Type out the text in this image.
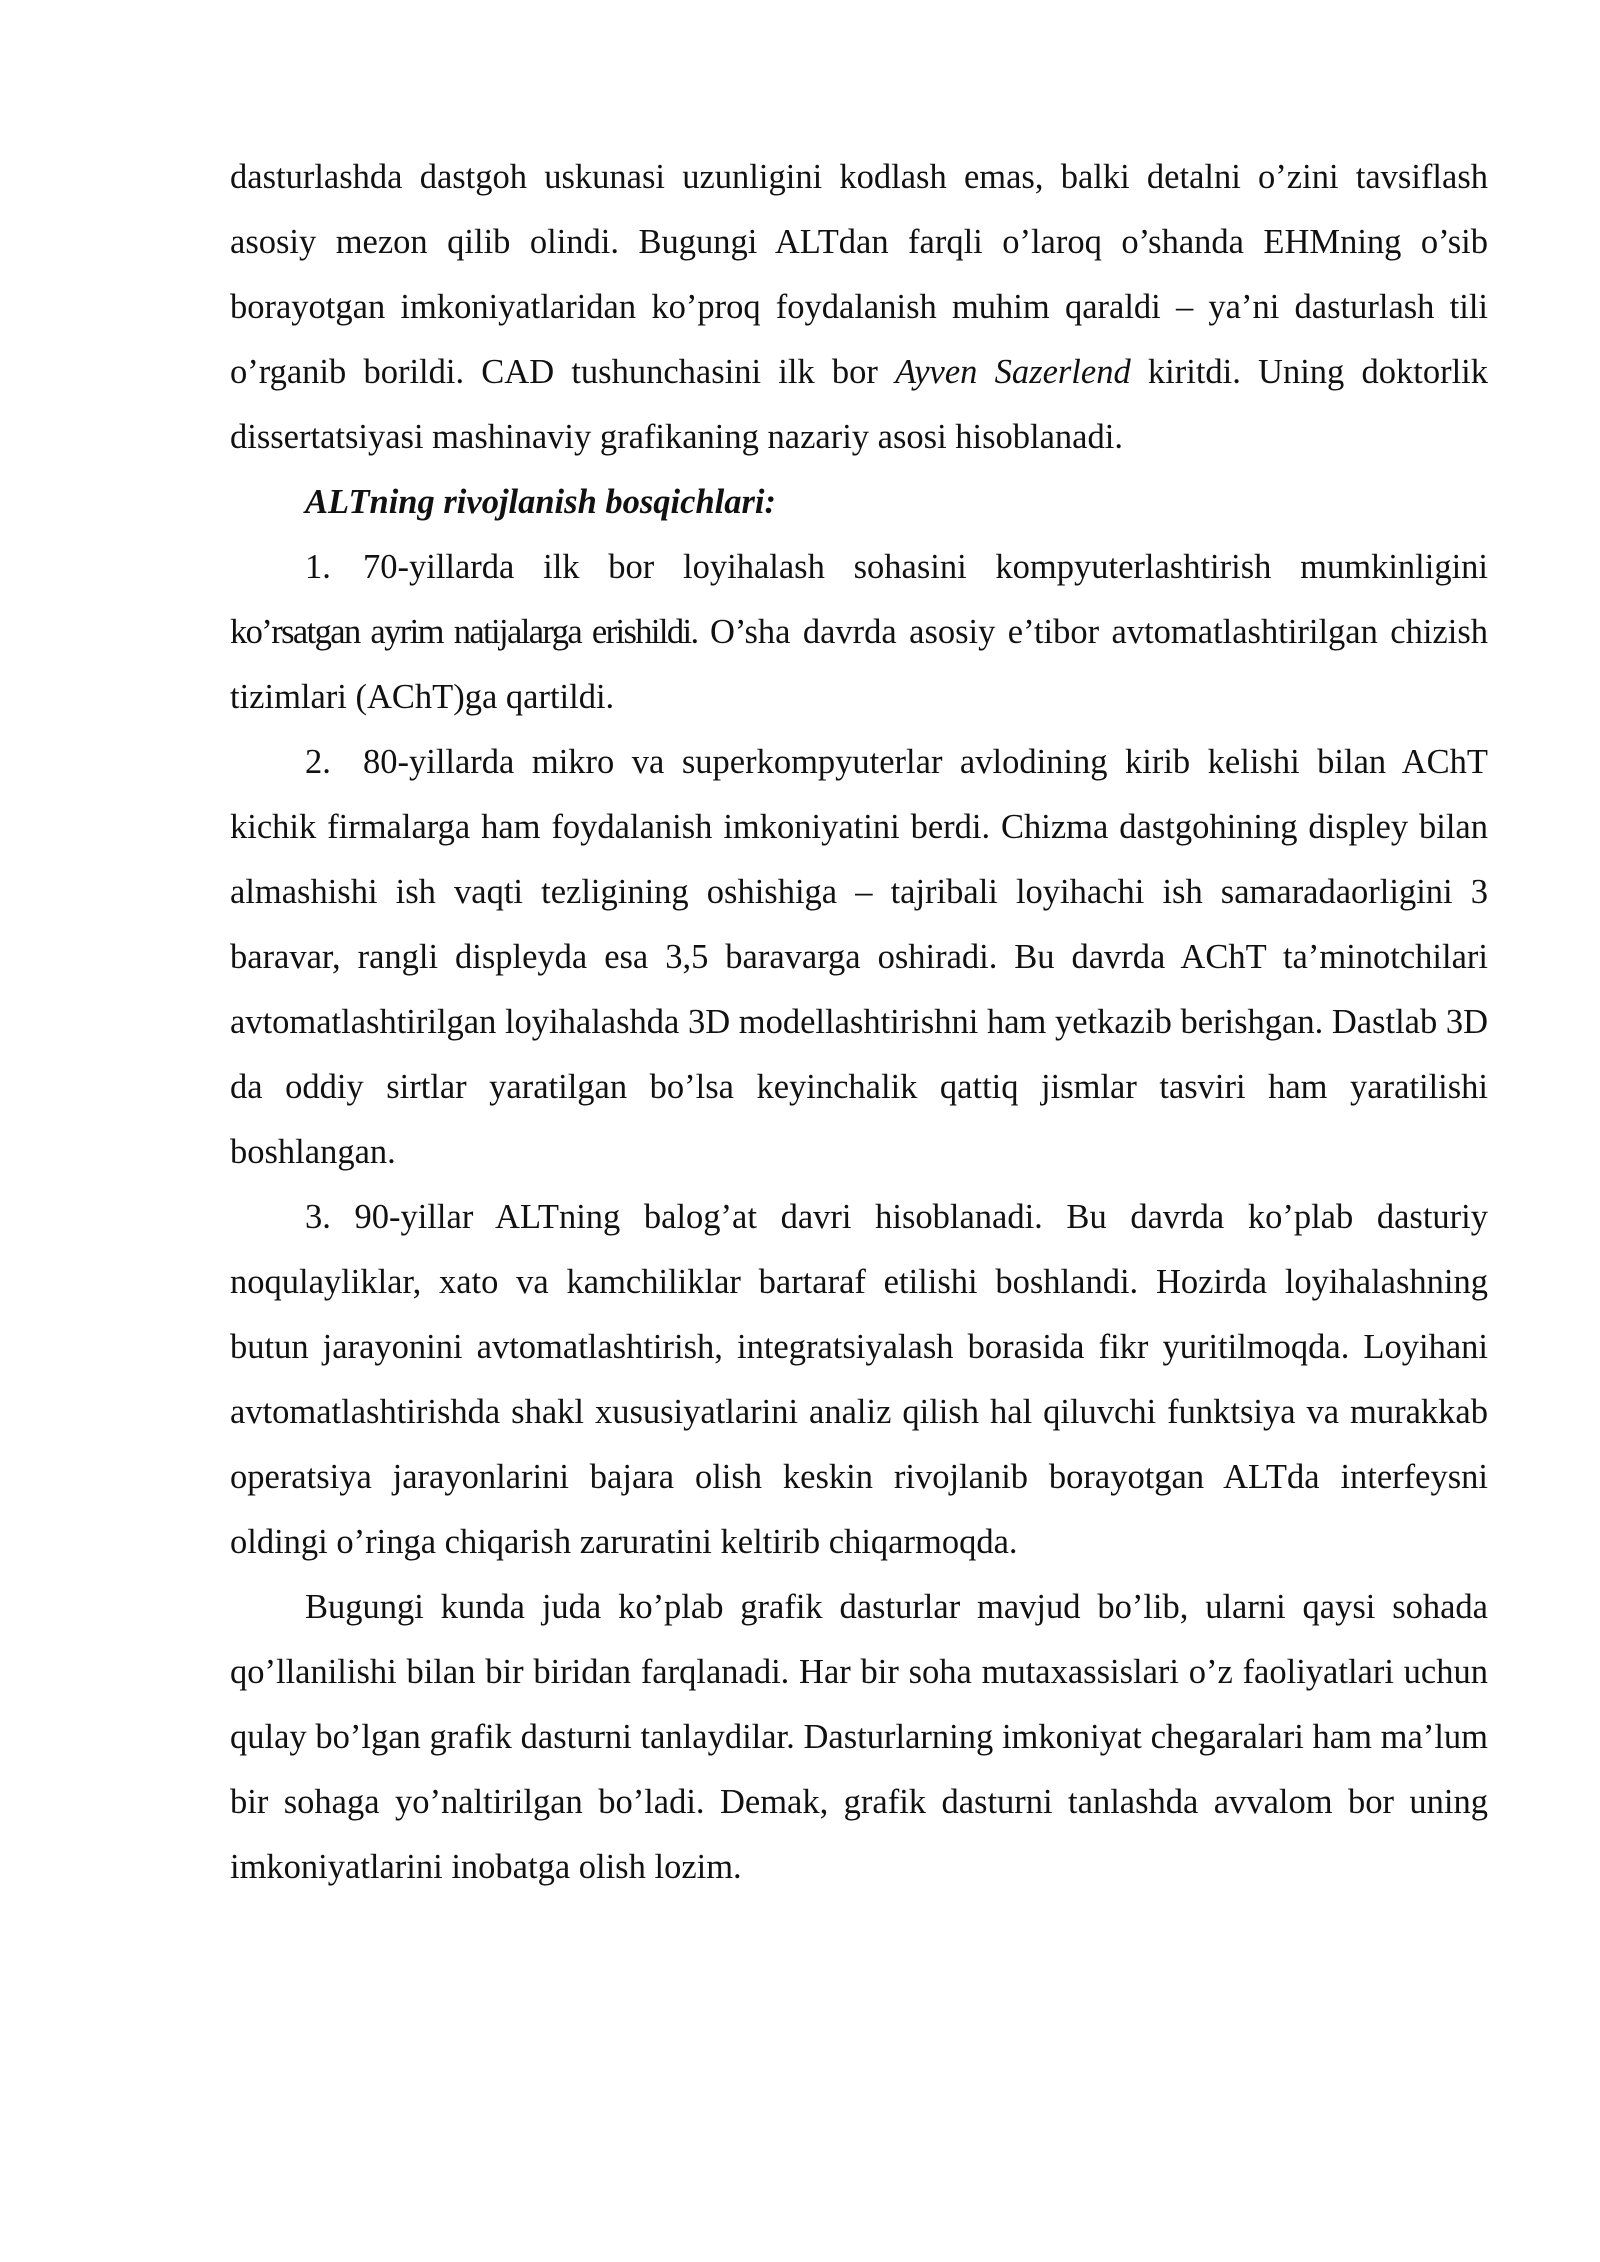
dasturlashda dastgoh uskunasi uzunligini kodlash emas, balki detalni o’zini tavsiflash asosiy mezon qilib olindi. Bugungi ALTdan farqli o’laroq o’shanda EHMning o’sib borayotgan imkoniyatlaridan ko’proq foydalanish muhim qaraldi – ya’ni dasturlash tili o’rganib borildi. CAD tushunchasini ilk bor Ayven Sazerlend kiritdi. Uning doktorlik dissertatsiyasi mashinaviy grafikaning nazariy asosi hisoblanadi.

ALTning rivojlanish bosqichlari:

1. 70-yillarda ilk bor loyihalash sohasini kompyuterlashtirish mumkinligini ko’rsatgan ayrim natijalarga erishildi. O’sha davrda asosiy e’tibor avtomatlashtirilgan chizish tizimlari (AChT)ga qartildi.

2. 80-yillarda mikro va superkompyuterlar avlodining kirib kelishi bilan AChT kichik firmalarga ham foydalanish imkoniyatini berdi. Chizma dastgohining displey bilan almashishi ish vaqti tezligining oshishiga – tajribali loyihachi ish samaradaorligini 3 baravar, rangli displeyda esa 3,5 baravarga oshiradi. Bu davrda AChT ta’minotchilari avtomatlashtirilgan loyihalashda 3D modellashtirishni ham yetkazib berishgan. Dastlab 3D da oddiy sirtlar yaratilgan bo’lsa keyinchalik qattiq jismlar tasviri ham yaratilishi boshlangan.

3. 90-yillar ALTning balog’at davri hisoblanadi. Bu davrda ko’plab dasturiy noqulayliklar, xato va kamchiliklar bartaraf etilishi boshlandi. Hozirda loyihalashning butun jarayonini avtomatlashtirish, integratsiyalash borasida fikr yuritilmoqda. Loyihani avtomatlashtirishda shakl xususiyatlarini analiz qilish hal qiluvchi funktsiya va murakkab operatsiya jarayonlarini bajara olish keskin rivojlanib borayotgan ALTda interfeysni oldingi o’ringa chiqarish zaruratini keltirib chiqarmoqda.

Bugungi kunda juda ko’plab grafik dasturlar mavjud bo’lib, ularni qaysi sohada qo’llanilishi bilan bir biridan farqlanadi. Har bir soha mutaxassislari o’z faoliyatlari uchun qulay bo’lgan grafik dasturni tanlaydilar. Dasturlarning imkoniyat chegaralari ham ma’lum bir sohaga yo’naltirilgan bo’ladi. Demak, grafik dasturni tanlashda avvalom bor uning imkoniyatlarini inobatga olish lozim.
